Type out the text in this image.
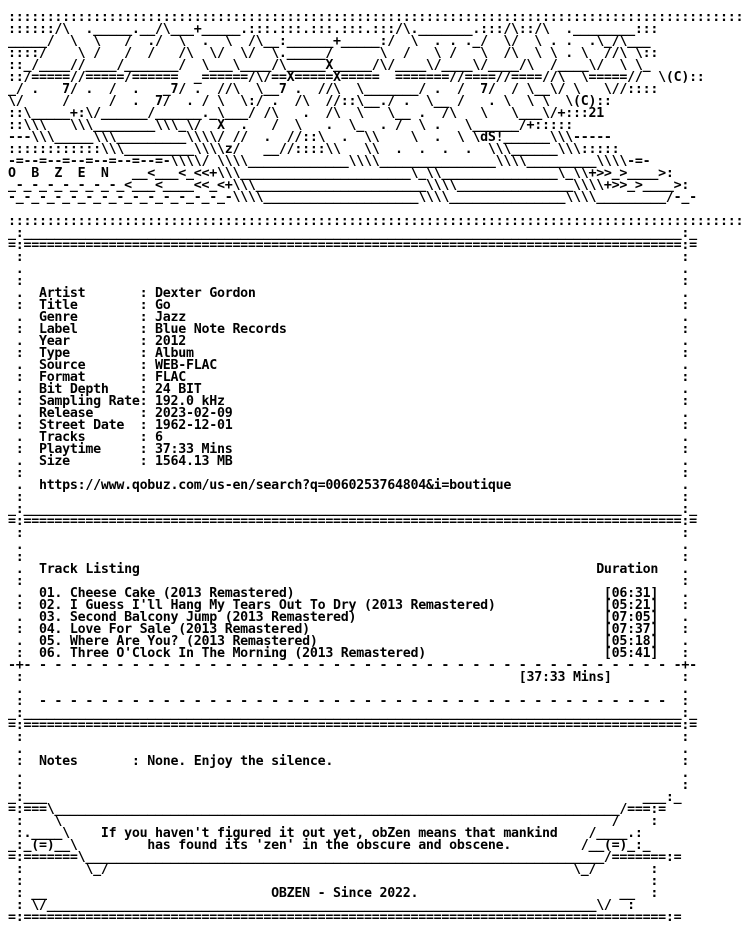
:::::::::::::::::::::::::::::::::::::::::::::::::::::::::::::::::::::::::::::::::::::::::::::::
::::::/\  ._____.__/\___+_____.:::.:::.:::.:::.:::/\._______.:::/\::/\  .________:::
_____/  \  \   /  ./  \  .  \  /\__:______+_____:/  \  . . ._/  \/  \ . .  .\_/\___
::::/    \ /   /  /   /\  \/  \/  \._____/      \  /   \ /   \  /\  \ \ . \  //\ \::
::_/____//____/_______/  \___\____/\_____X_____/\/____\/____\/____/\  /____\/  \ \_
::/=====//=====/======  _======/\/==X=====X=====  =======//====//====//\  \=====//  \(C)::
_/ .   7/ .  /  .   _7/ .  //\  \__7 .  //\  \_______/ .  /  7/  / \__\/ \   \//::::
\/     /     /  .  7/  . / \  \:/ .  /\  //::\__./ .  \__ /   . \  \ \  \(C)::
::\_____+:\/______/______._\___/ /\   .  /\  \   \__ .  /\   \   \___\/+:::21
::\\\   \\\________\\\_\/  X  .   /  \   .  \_  . /  \ .   \______/+:::::
---\\\_____\\\_________\\\\/ //  .  //::\  .  \\    \  .  \ \dS!______\\\-----
::::::::::::\\\_________\\\\z/   __//::::\\   \\  .  .  .  .  \\\______\\\:::::
-=--=--=--=--=--=--=-\\\\/ \\\\_____________\\\\_______________\\\\_________\\\\-=-
O  B  Z  E  N   __<___<_<<+\\\______________________\_\\_______________\_\\+>>_>____>:
_-_-_-_-_-_-_-_<___<____<<_<+\\\______________________\\\\_______________\\\\+>>_>____>:
-_-_-_-_-_-_-_-_-_-_-_-_-_-_-\\\\____________________\\\\_______________\\\\_________/-_-
:::::::::::::::::::::::::::::::::::::::::::::::::::::::::::::::::::::::::::::::::::::::::::::::
_:_____________________________________________________________________________________:_
=:=====================================================================================:=
:                                                                                     :
.                                                                                     .
:                                                                                     :
.  Artist       : Dexter Gordon                                                       .
:  Title        : Go                                                                  :
.  Genre        : Jazz                                                                .
:  Label        : Blue Note Records                                                   :
.  Year         : 2012                                                                .
:  Type         : Album                                                               :
.  Source       : WEB-FLAC                                                            .
:  Format       : FLAC                                                                :
.  Bit Depth    : 24 BIT                                                              .
:  Sampling Rate: 192.0 kHz                                                           :
.  Release      : 2023-02-09                                                          .
:  Street Date  : 1962-12-01                                                          :
.  Tracks       : 6                                                                   .
:  Playtime     : 37:33 Mins                                                          :
.  Size         : 1564.13 MB                                                          .
:                                                                                     :
.  https://www.qobuz.com/us-en/search?q=0060253764804&i=boutique                      .
:                                                                                     :
_:_____________________________________________________________________________________:_
=:=====================================================================================:=
:                                                                                     :
.                                                                                     .
:                                                                                     :
.  Track Listing                                                           Duration   .
:                                                                                     :
.  01. Cheese Cake (2013 Remastered)                                        [06:31]   .
:  02. I Guess I'll Hang My Tears Out To Dry (2013 Remastered)              [05:21]   :
.  03. Second Balcony Jump (2013 Remastered)                                [07:05]   .
:  04. Love For Sale (2013 Remastered)                                      [07:37]   :
.  05. Where Are You? (2013 Remastered)                                     [05:18]   .
:  06. Three O'Clock In The Morning (2013 Remastered)                       [05:41]   :
-+- - - - - - - - - - - - - - - - - - - - - - - - - - - - - - - - - - - - - - - - - - -+-
:                                                                [37:33 Mins]         :
.                                                                                     .
:  - - - - - - - - - - - - - - - - - - - - - - - - - - - - - - - - - - - - - - - - -  :
_:_____________________________________________________________________________________:_
=:=====================================================================================:=
:                                                                                     :
.                                                                                     .
:  Notes       : None. Enjoy the silence.                                             :
.                                                                                     .
:                                                                                     :
_:___                                                                             ___:_
=:===\_________________________________________________________________________/===:=
:    \                                                                       /    :
:.____\    If you haven't figured it out yet, obZen means that mankind    /____.:
_:_(=)__\         has found its 'zen' in the obscure and obscene.         /__(=)_:_
=:=======\___________________________________________________________________/=======:=
:        \_/                                                            \_/       :
:                                                                                 :
: __                             OBZEN - Since 2022.                          __  :
: \/_______________________________________________________________________\/  :
=:===================================================================================:=
